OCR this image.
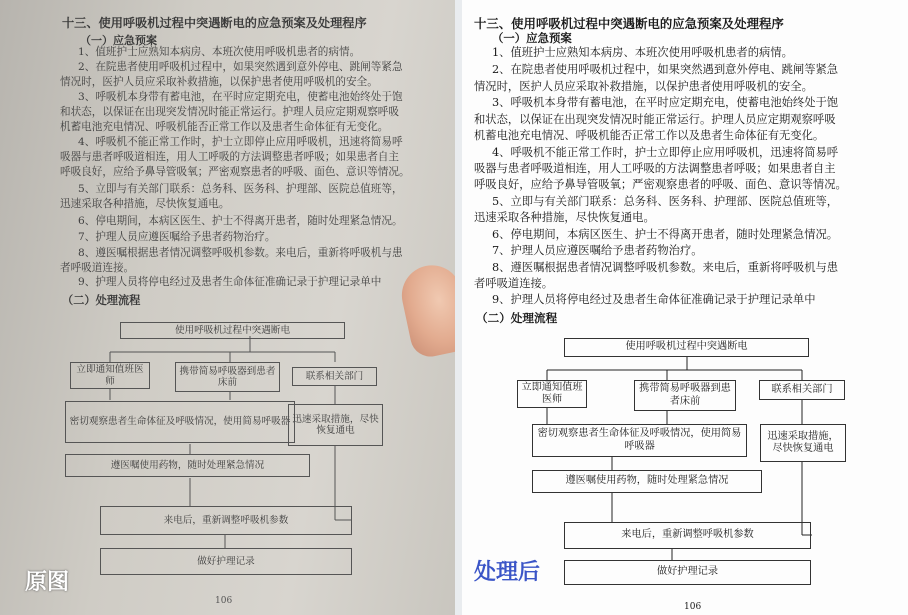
十三、使用呼吸机过程中突遇断电的应急预案及处理程序
（一）应急预案
1、值班护士应熟知本病房、本班次使用呼吸机患者的病情。
2、在院患者使用呼吸机过程中，如果突然遇到意外停电、跳闸等紧急
情况时，医护人员应采取补救措施，以保护患者使用呼吸机的安全。
3、呼吸机本身带有蓄电池，在平时应定期充电，使蓄电池始终处于饱
和状态，以保证在出现突发情况时能正常运行。护理人员应定期观察呼吸
机蓄电池充电情况、呼吸机能否正常工作以及患者生命体征有无变化。
4、呼吸机不能正常工作时，护士立即停止应用呼吸机，迅速将简易呼
吸器与患者呼吸道相连，用人工呼吸的方法调整患者呼吸；如果患者自主
呼吸良好，应给予鼻导管吸氧；严密观察患者的呼吸、面色、意识等情况。
5、立即与有关部门联系：总务科、医务科、护理部、医院总值班等，
迅速采取各种措施，尽快恢复通电。
6、停电期间，本病区医生、护士不得离开患者，随时处理紧急情况。
7、护理人员应遵医嘱给予患者药物治疗。
8、遵医嘱根据患者情况调整呼吸机参数。来电后，重新将呼吸机与患
者呼吸道连接。
9、护理人员将停电经过及患者生命体征准确记录于护理记录单中
（二）处理流程
使用呼吸机过程中突遇断电
立即通知值班医师
携带简易呼吸器到患者床前
联系相关部门
密切观察患者生命体征及呼吸情况，使用简易呼吸器 迅速采取措施，尽快恢复通电
遵医嘱使用药物，随时处理紧急情况
来电后，重新调整呼吸机参数
做好护理记录
106
原图
十三、使用呼吸机过程中突遇断电的应急预案及处理程序
（一）应急预案
1、值班护士应熟知本病房、本班次使用呼吸机患者的病情。
2、在院患者使用呼吸机过程中，如果突然遇到意外停电、跳闸等紧急
情况时，医护人员应采取补救措施，以保护患者使用呼吸机的安全。
3、呼吸机本身带有蓄电池，在平时应定期充电，使蓄电池始终处于饱
和状态，以保证在出现突发情况时能正常运行。护理人员应定期观察呼吸
机蓄电池充电情况、呼吸机能否正常工作以及患者生命体征有无变化。
4、呼吸机不能正常工作时，护士立即停止应用呼吸机，迅速将简易呼
吸器与患者呼吸道相连，用人工呼吸的方法调整患者呼吸；如果患者自主
呼吸良好，应给予鼻导管吸氧；严密观察患者的呼吸、面色、意识等情况。
5、立即与有关部门联系：总务科、医务科、护理部、医院总值班等，
迅速采取各种措施，尽快恢复通电。
6、停电期间，本病区医生、护士不得离开患者，随时处理紧急情况。
7、护理人员应遵医嘱给予患者药物治疗。
8、遵医嘱根据患者情况调整呼吸机参数。来电后，重新将呼吸机与患
者呼吸道连接。
9、护理人员将停电经过及患者生命体征准确记录于护理记录单中
（二）处理流程
使用呼吸机过程中突遇断电
立即通知值班医师
携带简易呼吸器到患者床前
联系相关部门
密切观察患者生命体征及呼吸情况，使用简易呼吸器
迅速采取措施，尽快恢复通电
遵医嘱使用药物，随时处理紧急情况
来电后，重新调整呼吸机参数
做好护理记录
106
处理后
